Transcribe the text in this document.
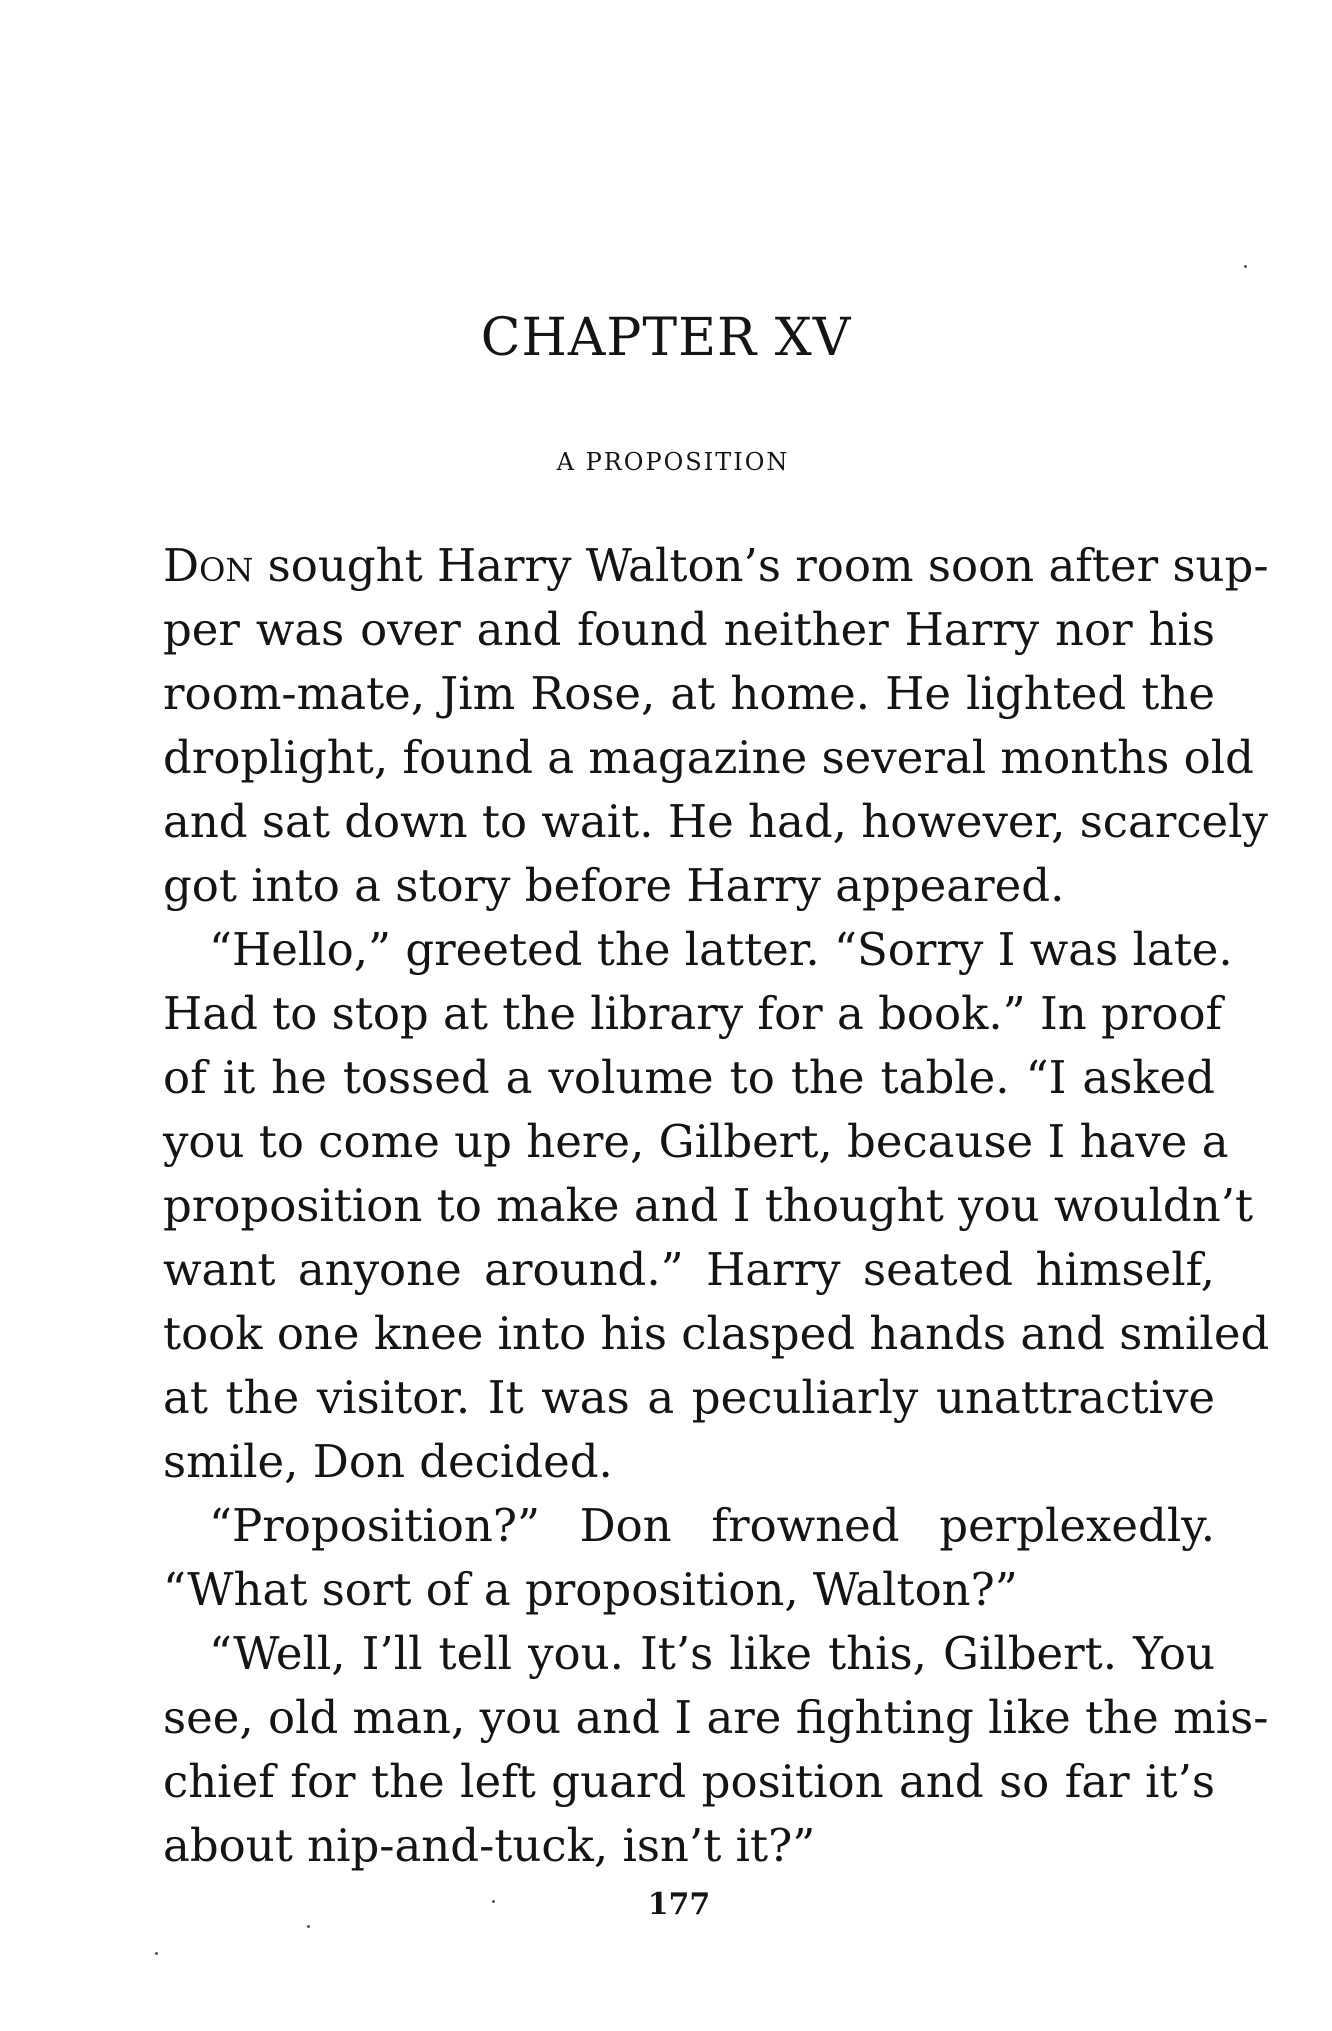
CHAPTER XV
A PROPOSITION
Don sought Harry Walton’s room soon after sup-
per was over and found neither Harry nor his
room-mate, Jim Rose, at home. He lighted the
droplight, found a magazine several months old
and sat down to wait. He had, however, scarcely
got into a story before Harry appeared.
“Hello,” greeted the latter. “Sorry I was late.
Had to stop at the library for a book.” In proof
of it he tossed a volume to the table. “I asked
you to come up here, Gilbert, because I have a
proposition to make and I thought you wouldn’t
want anyone around.” Harry seated himself,
took one knee into his clasped hands and smiled
at the visitor. It was a peculiarly unattractive
smile, Don decided.
“Proposition?” Don frowned perplexedly.
“What sort of a proposition, Walton?”
“Well, I’ll tell you. It’s like this, Gilbert. You
see, old man, you and I are fighting like the mis-
chief for the left guard position and so far it’s
about nip-and-tuck, isn’t it?”
177
